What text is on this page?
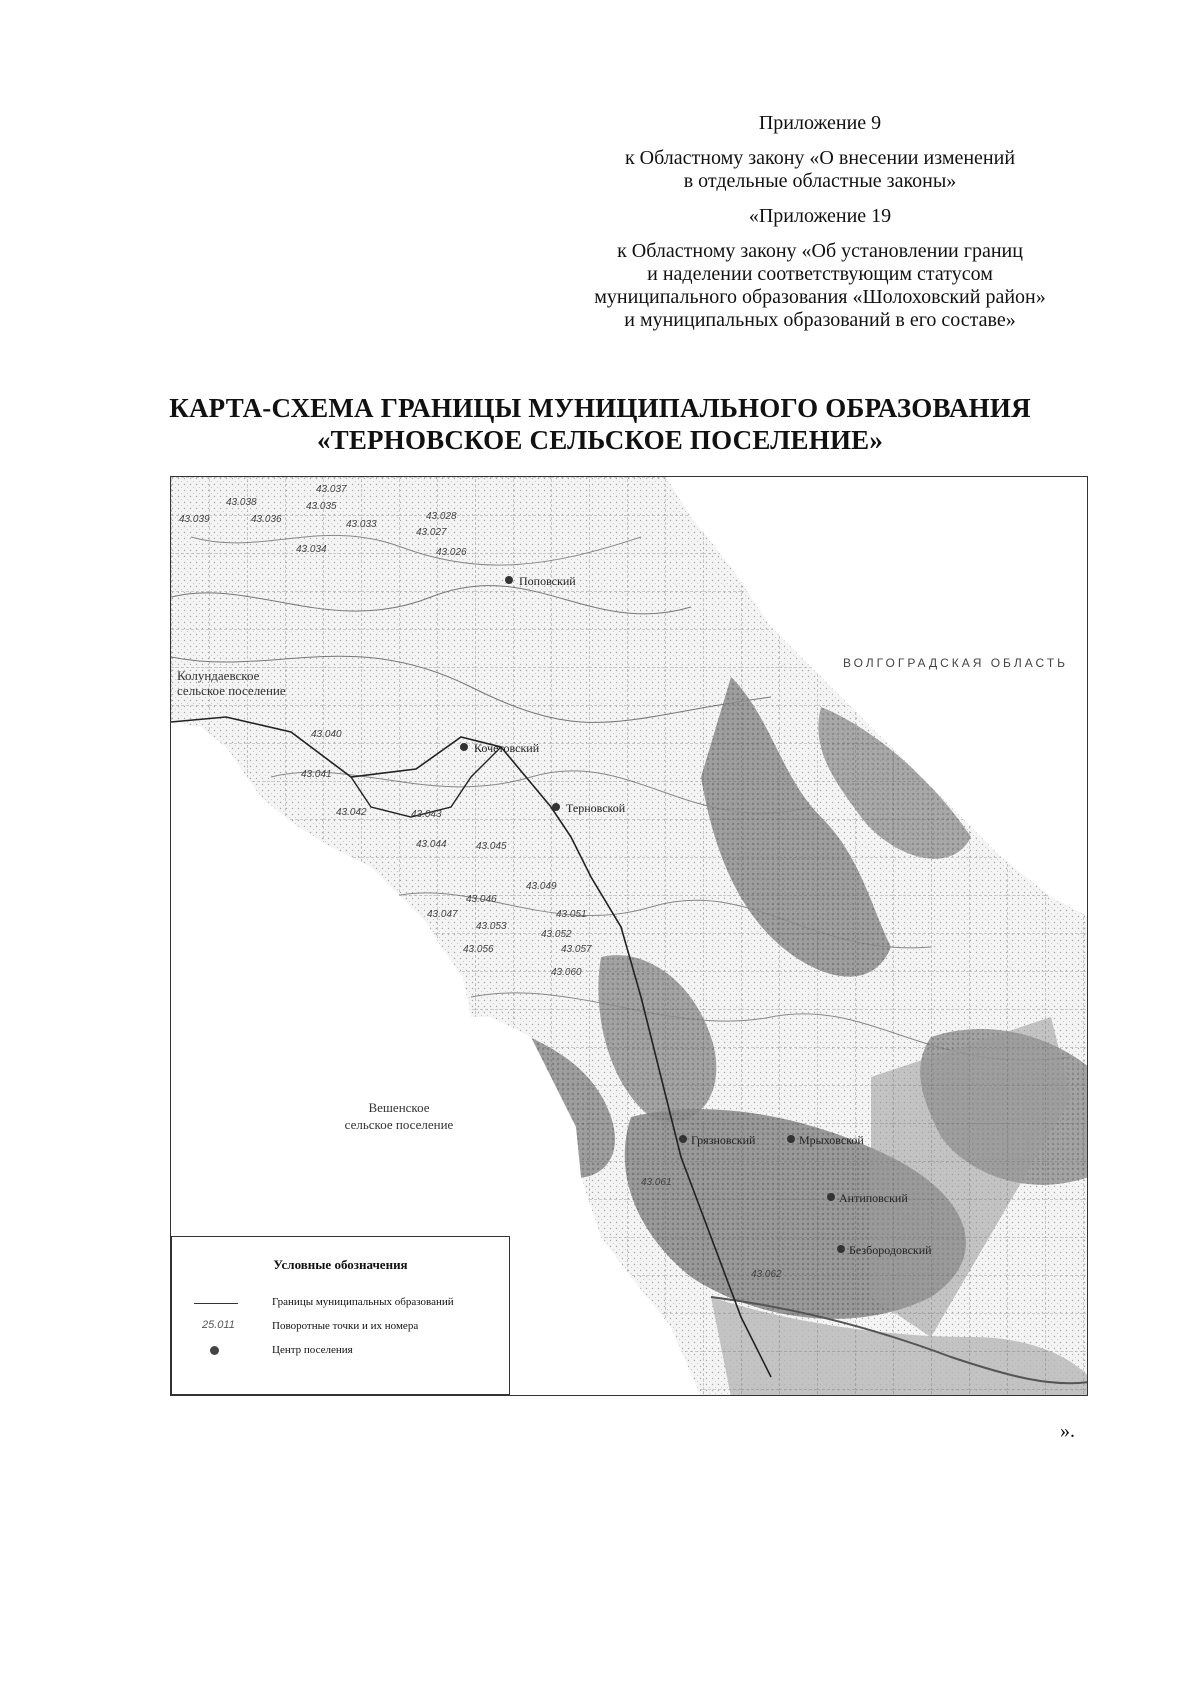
Приложение 9
к Областному закону «О внесении изменений
в отдельные областные законы»
«Приложение 19
к Областному закону «Об установлении границ
и наделении соответствующим статусом
муниципального образования «Шолоховский район»
и муниципальных образований в его составе»
КАРТА-СХЕМА ГРАНИЦЫ МУНИЦИПАЛЬНОГО ОБРАЗОВАНИЯ
«ТЕРНОВСКОЕ СЕЛЬСКОЕ ПОСЕЛЕНИЕ»
43.038
43.037
43.039	43.036
43.035
43.034
43.033
43.028
43.027
43.026
43.040
43.041
43.042	43.043
43.044	43.045
43.046
43.047
43.049
43.051
43.052
43.053
43.056	43.057
43.060
43.061
43.062
Поповский
Кочетовский
Терновской
Грязновский	Мрыховской
Антиповский
Безбородовский
ВОЛГОГРАДСКАЯ ОБЛАСТЬ
Колундаевское
сельское поселение
Вешенское
сельское поселение
Условные обозначения
Границы муниципальных образований
25.011	Поворотные точки и их номера
Центр поселения
».
